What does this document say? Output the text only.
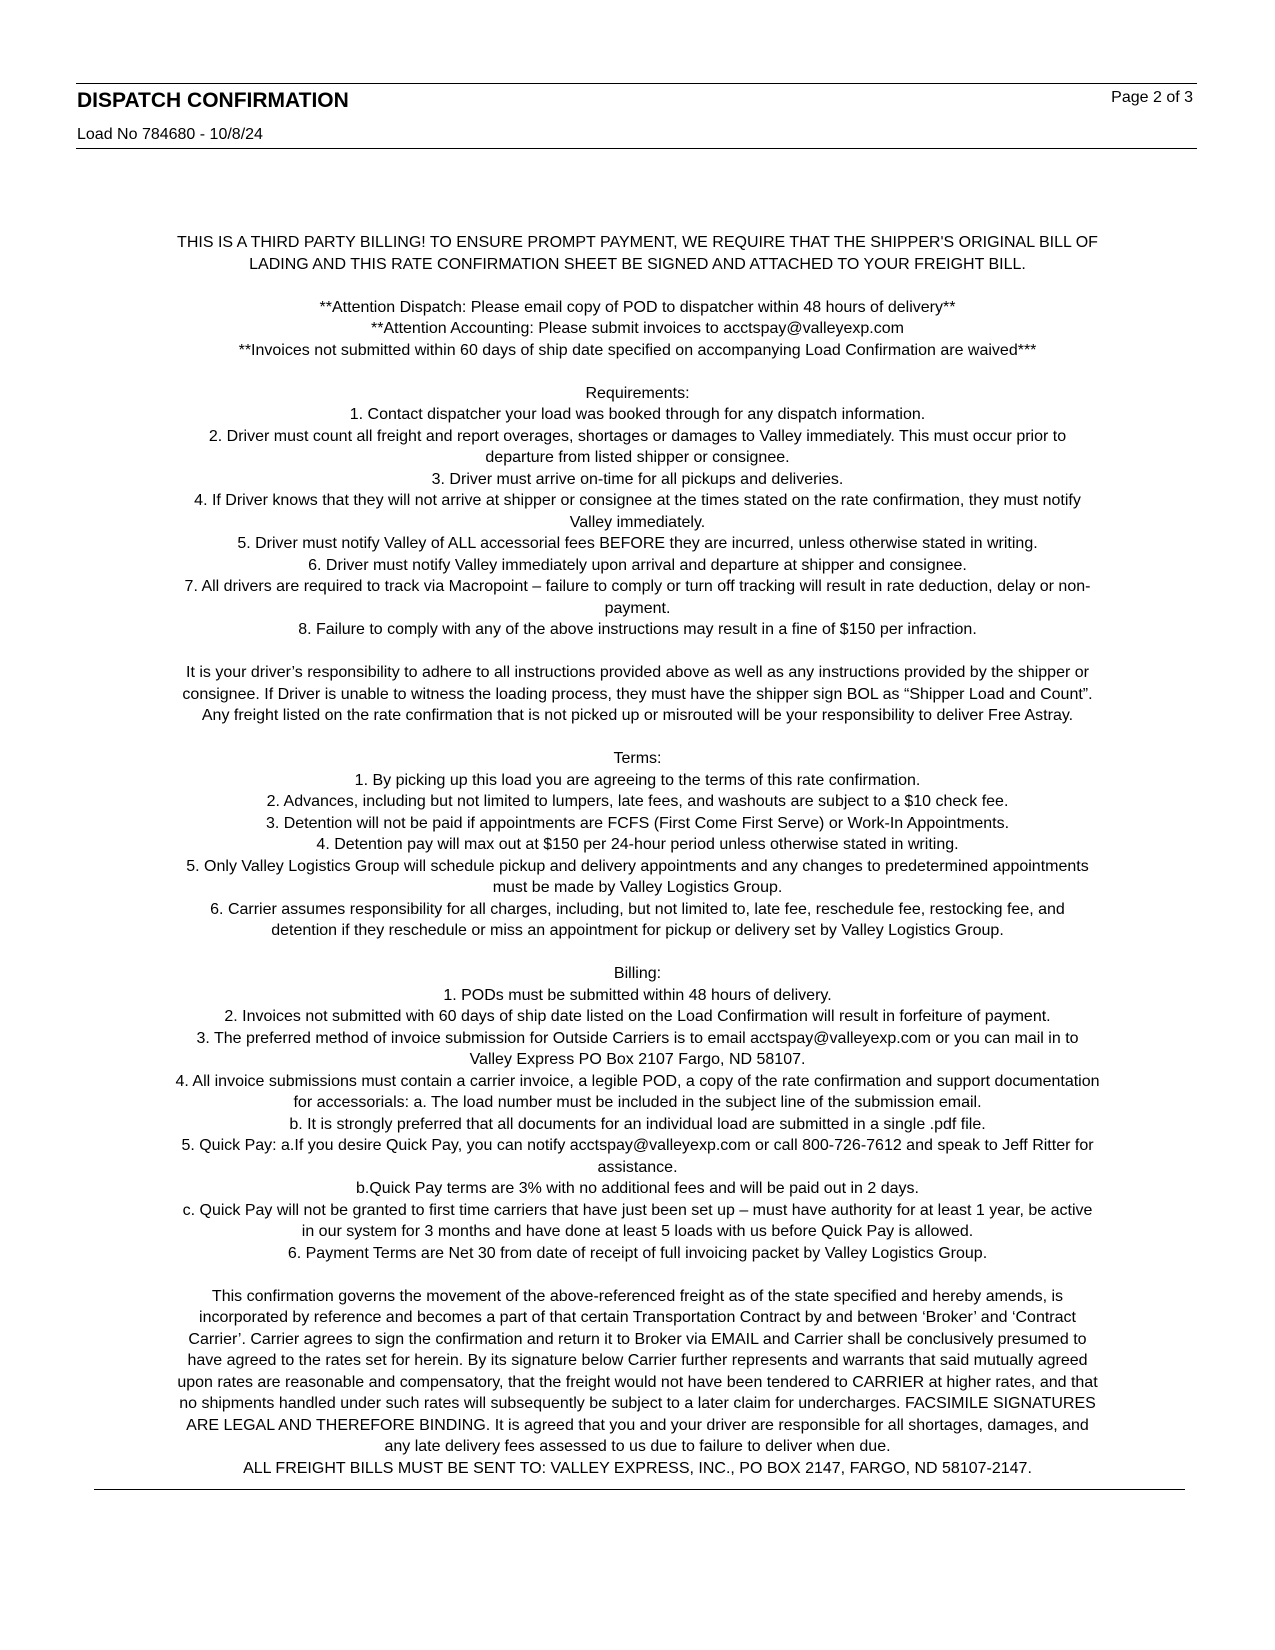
DISPATCH CONFIRMATION	Page 2 of 3
Load No 784680 - 10/8/24

THIS IS A THIRD PARTY BILLING! TO ENSURE PROMPT PAYMENT, WE REQUIRE THAT THE SHIPPER'S ORIGINAL BILL OF

LADING AND THIS RATE CONFIRMATION SHEET BE SIGNED AND ATTACHED TO YOUR FREIGHT BILL.

**Attention Dispatch: Please email copy of POD to dispatcher within 48 hours of delivery**

**Attention Accounting: Please submit invoices to acctspay@valleyexp.com

**Invoices not submitted within 60 days of ship date specified on accompanying Load Confirmation are waived***

Requirements:

1. Contact dispatcher your load was booked through for any dispatch information.

2. Driver must count all freight and report overages, shortages or damages to Valley immediately. This must occur prior to

departure from listed shipper or consignee.

3. Driver must arrive on-time for all pickups and deliveries.

4. If Driver knows that they will not arrive at shipper or consignee at the times stated on the rate confirmation, they must notify

Valley immediately.

5. Driver must notify Valley of ALL accessorial fees BEFORE they are incurred, unless otherwise stated in writing.

6. Driver must notify Valley immediately upon arrival and departure at shipper and consignee.

7. All drivers are required to track via Macropoint – failure to comply or turn off tracking will result in rate deduction, delay or non-

payment.

8. Failure to comply with any of the above instructions may result in a fine of $150 per infraction.

It is your driver’s responsibility to adhere to all instructions provided above as well as any instructions provided by the shipper or

consignee. If Driver is unable to witness the loading process, they must have the shipper sign BOL as “Shipper Load and Count”.

Any freight listed on the rate confirmation that is not picked up or misrouted will be your responsibility to deliver Free Astray.

Terms:

1. By picking up this load you are agreeing to the terms of this rate confirmation.

2. Advances, including but not limited to lumpers, late fees, and washouts are subject to a $10 check fee.

3. Detention will not be paid if appointments are FCFS (First Come First Serve) or Work-In Appointments.

4. Detention pay will max out at $150 per 24-hour period unless otherwise stated in writing.

5. Only Valley Logistics Group will schedule pickup and delivery appointments and any changes to predetermined appointments

must be made by Valley Logistics Group.

6. Carrier assumes responsibility for all charges, including, but not limited to, late fee, reschedule fee, restocking fee, and

detention if they reschedule or miss an appointment for pickup or delivery set by Valley Logistics Group.

Billing:

1. PODs must be submitted within 48 hours of delivery.

2. Invoices not submitted with 60 days of ship date listed on the Load Confirmation will result in forfeiture of payment.

3. The preferred method of invoice submission for Outside Carriers is to email acctspay@valleyexp.com or you can mail in to

Valley Express PO Box 2107 Fargo, ND 58107.

4. All invoice submissions must contain a carrier invoice, a legible POD, a copy of the rate confirmation and support documentation

for accessorials: a. The load number must be included in the subject line of the submission email.

b. It is strongly preferred that all documents for an individual load are submitted in a single .pdf file.

5. Quick Pay: a.If you desire Quick Pay, you can notify acctspay@valleyexp.com or call 800-726-7612 and speak to Jeff Ritter for

assistance.

b.Quick Pay terms are 3% with no additional fees and will be paid out in 2 days.

c. Quick Pay will not be granted to first time carriers that have just been set up – must have authority for at least 1 year, be active

in our system for 3 months and have done at least 5 loads with us before Quick Pay is allowed.

6. Payment Terms are Net 30 from date of receipt of full invoicing packet by Valley Logistics Group.

This confirmation governs the movement of the above-referenced freight as of the state specified and hereby amends, is

incorporated by reference and becomes a part of that certain Transportation Contract by and between ‘Broker’ and ‘Contract

Carrier’. Carrier agrees to sign the confirmation and return it to Broker via EMAIL and Carrier shall be conclusively presumed to

have agreed to the rates set for herein. By its signature below Carrier further represents and warrants that said mutually agreed

upon rates are reasonable and compensatory, that the freight would not have been tendered to CARRIER at higher rates, and that

no shipments handled under such rates will subsequently be subject to a later claim for undercharges. FACSIMILE SIGNATURES

ARE LEGAL AND THEREFORE BINDING. It is agreed that you and your driver are responsible for all shortages, damages, and

any late delivery fees assessed to us due to failure to deliver when due.

ALL FREIGHT BILLS MUST BE SENT TO: VALLEY EXPRESS, INC., PO BOX 2147, FARGO, ND 58107-2147.
